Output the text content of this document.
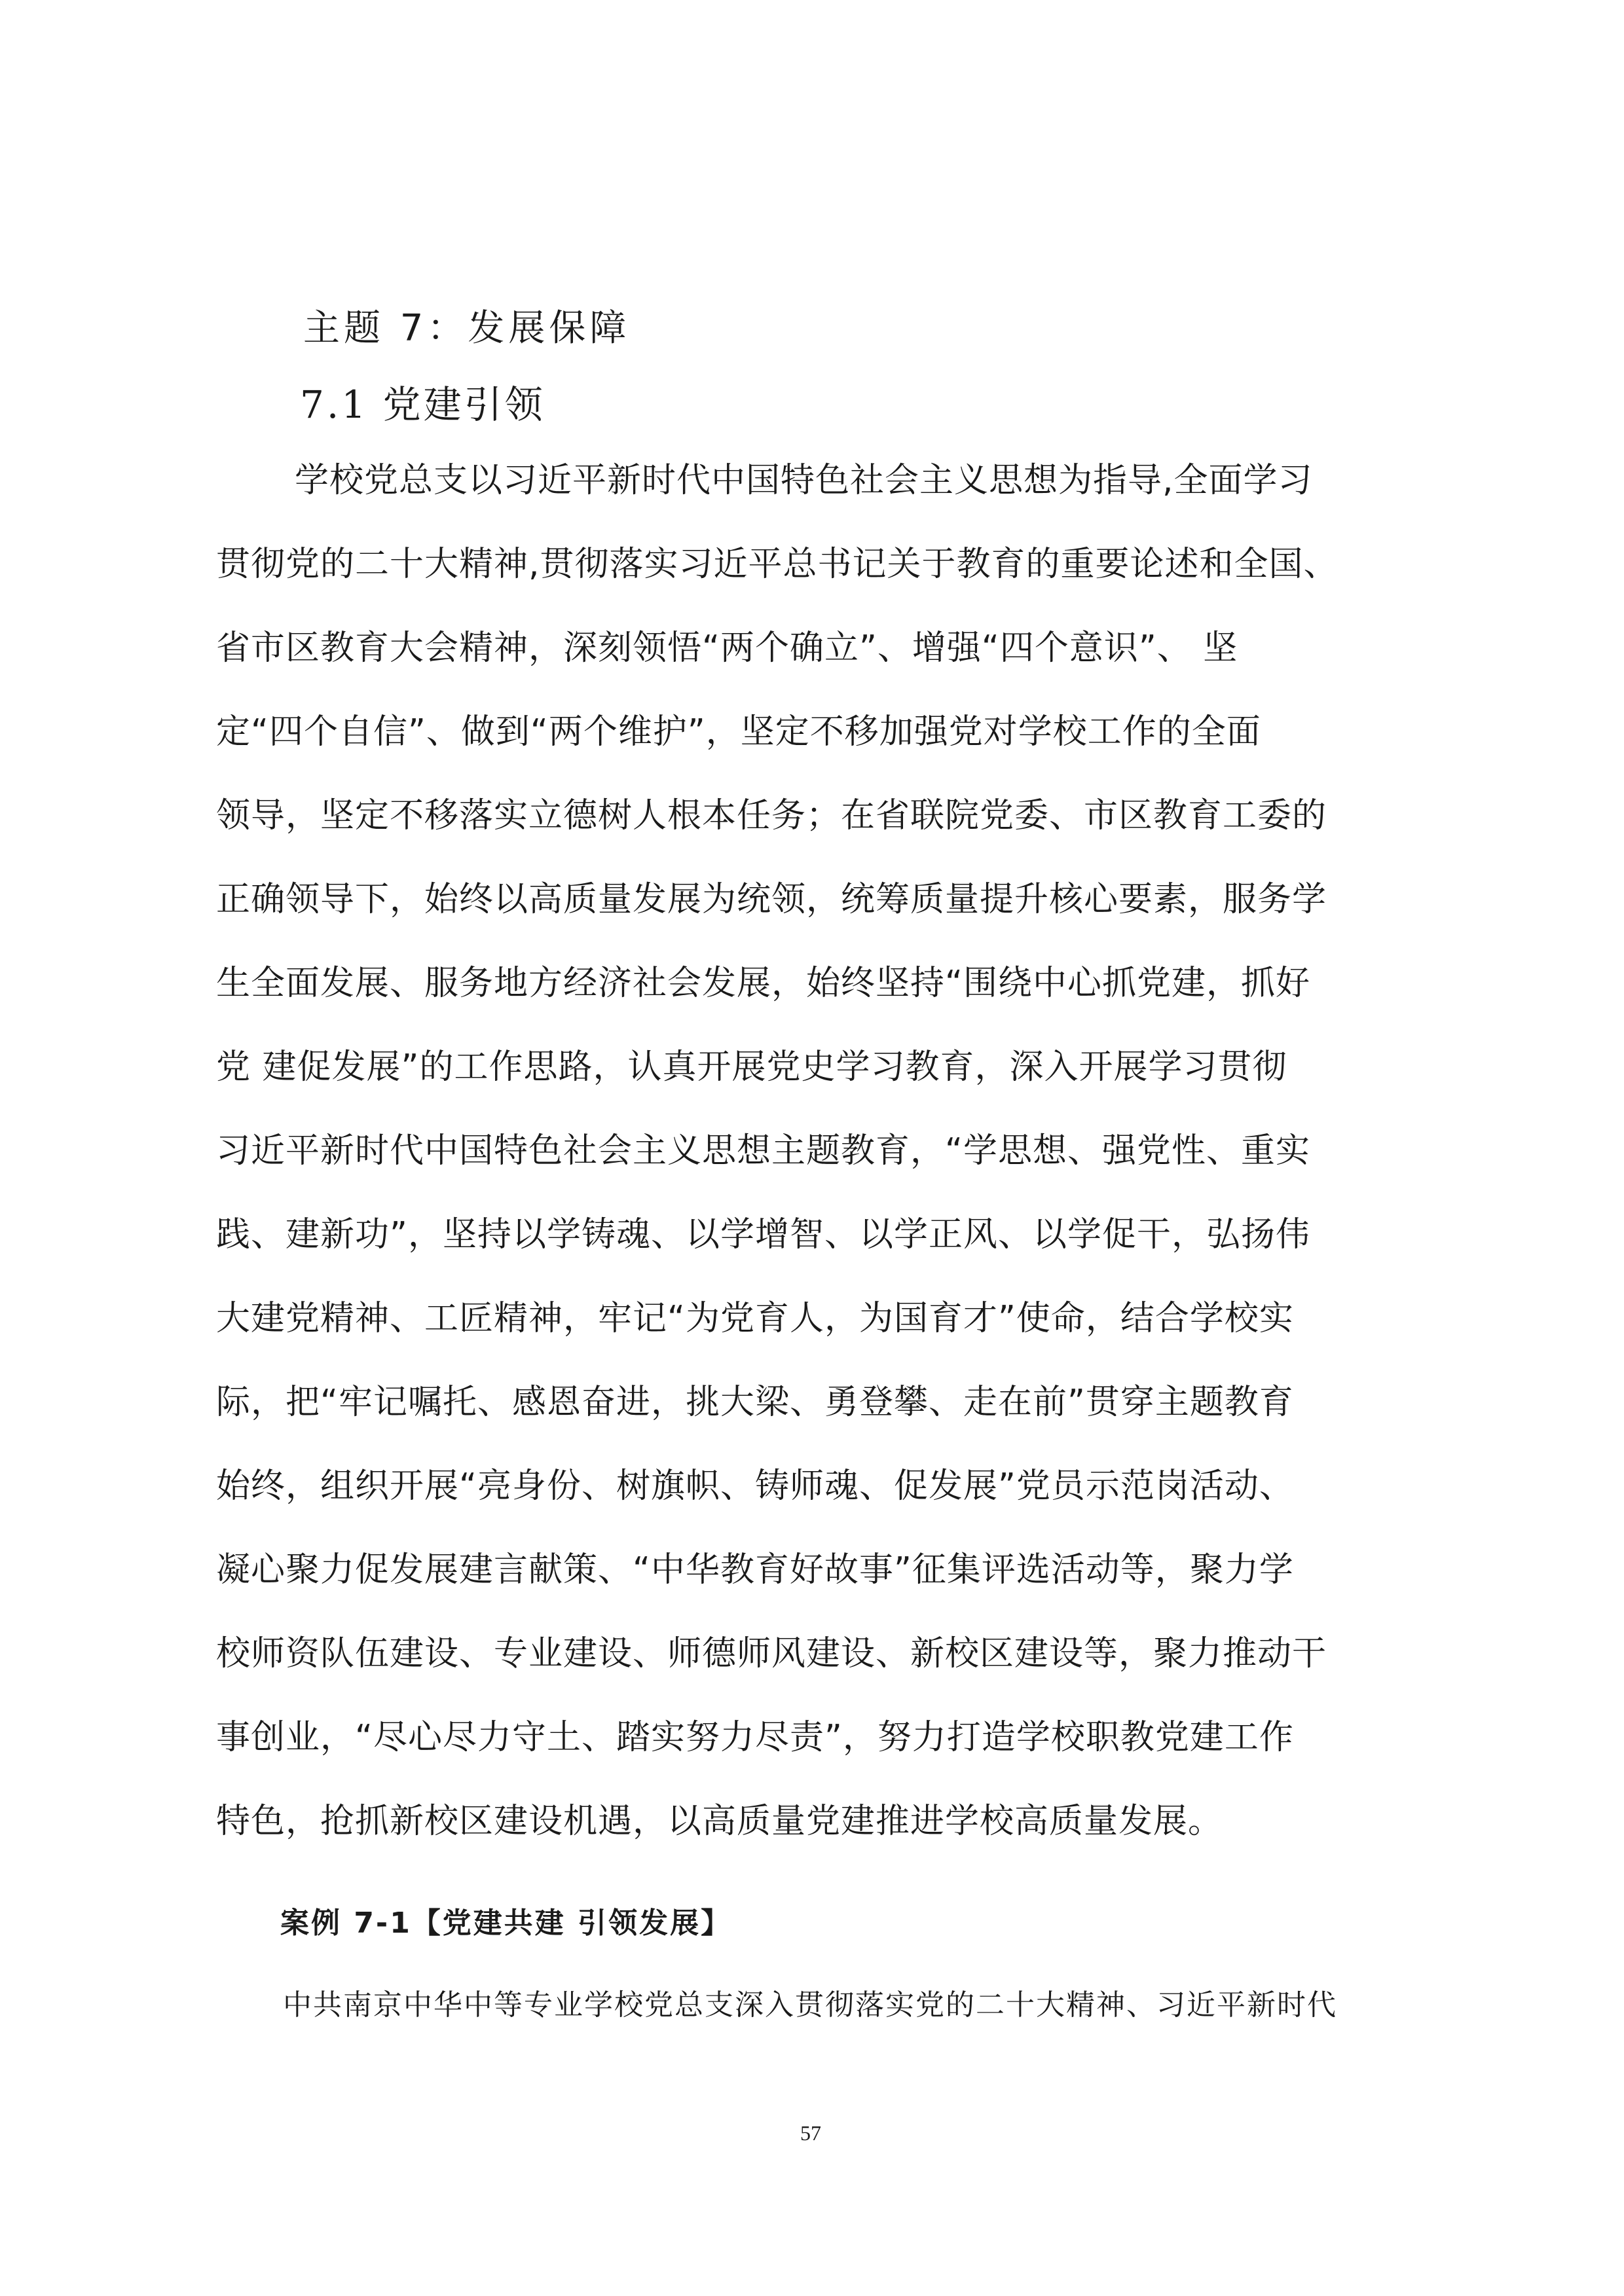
主题 7：发展保障
7.1 党建引领
学校党总支以习近平新时代中国特色社会主义思想为指导,全面学习
贯彻党的二十大精神,贯彻落实习近平总书记关于教育的重要论述和全国、
省市区教育大会精神，深刻领悟“两个确立”、增强“四个意识”、 坚
定“四个自信”、做到“两个维护”，坚定不移加强党对学校工作的全面
领导，坚定不移落实立德树人根本任务；在省联院党委、市区教育工委的
正确领导下，始终以高质量发展为统领，统筹质量提升核心要素，服务学
生全面发展、服务地方经济社会发展，始终坚持“围绕中心抓党建，抓好
党 建促发展”的工作思路，认真开展党史学习教育，深入开展学习贯彻
习近平新时代中国特色社会主义思想主题教育，“学思想、强党性、重实
践、建新功”，坚持以学铸魂、以学增智、以学正风、以学促干，弘扬伟
大建党精神、工匠精神，牢记“为党育人，为国育才”使命，结合学校实
际，把“牢记嘱托、感恩奋进，挑大梁、勇登攀、走在前”贯穿主题教育
始终，组织开展“亮身份、树旗帜、铸师魂、促发展”党员示范岗活动、
凝心聚力促发展建言献策、“中华教育好故事”征集评选活动等，聚力学
校师资队伍建设、专业建设、师德师风建设、新校区建设等，聚力推动干
事创业，“尽心尽力守土、踏实努力尽责”，努力打造学校职教党建工作
特色，抢抓新校区建设机遇，以高质量党建推进学校高质量发展。
案例 7-1【党建共建 引领发展】
中共南京中华中等专业学校党总支深入贯彻落实党的二十大精神、习近平新时代
57
